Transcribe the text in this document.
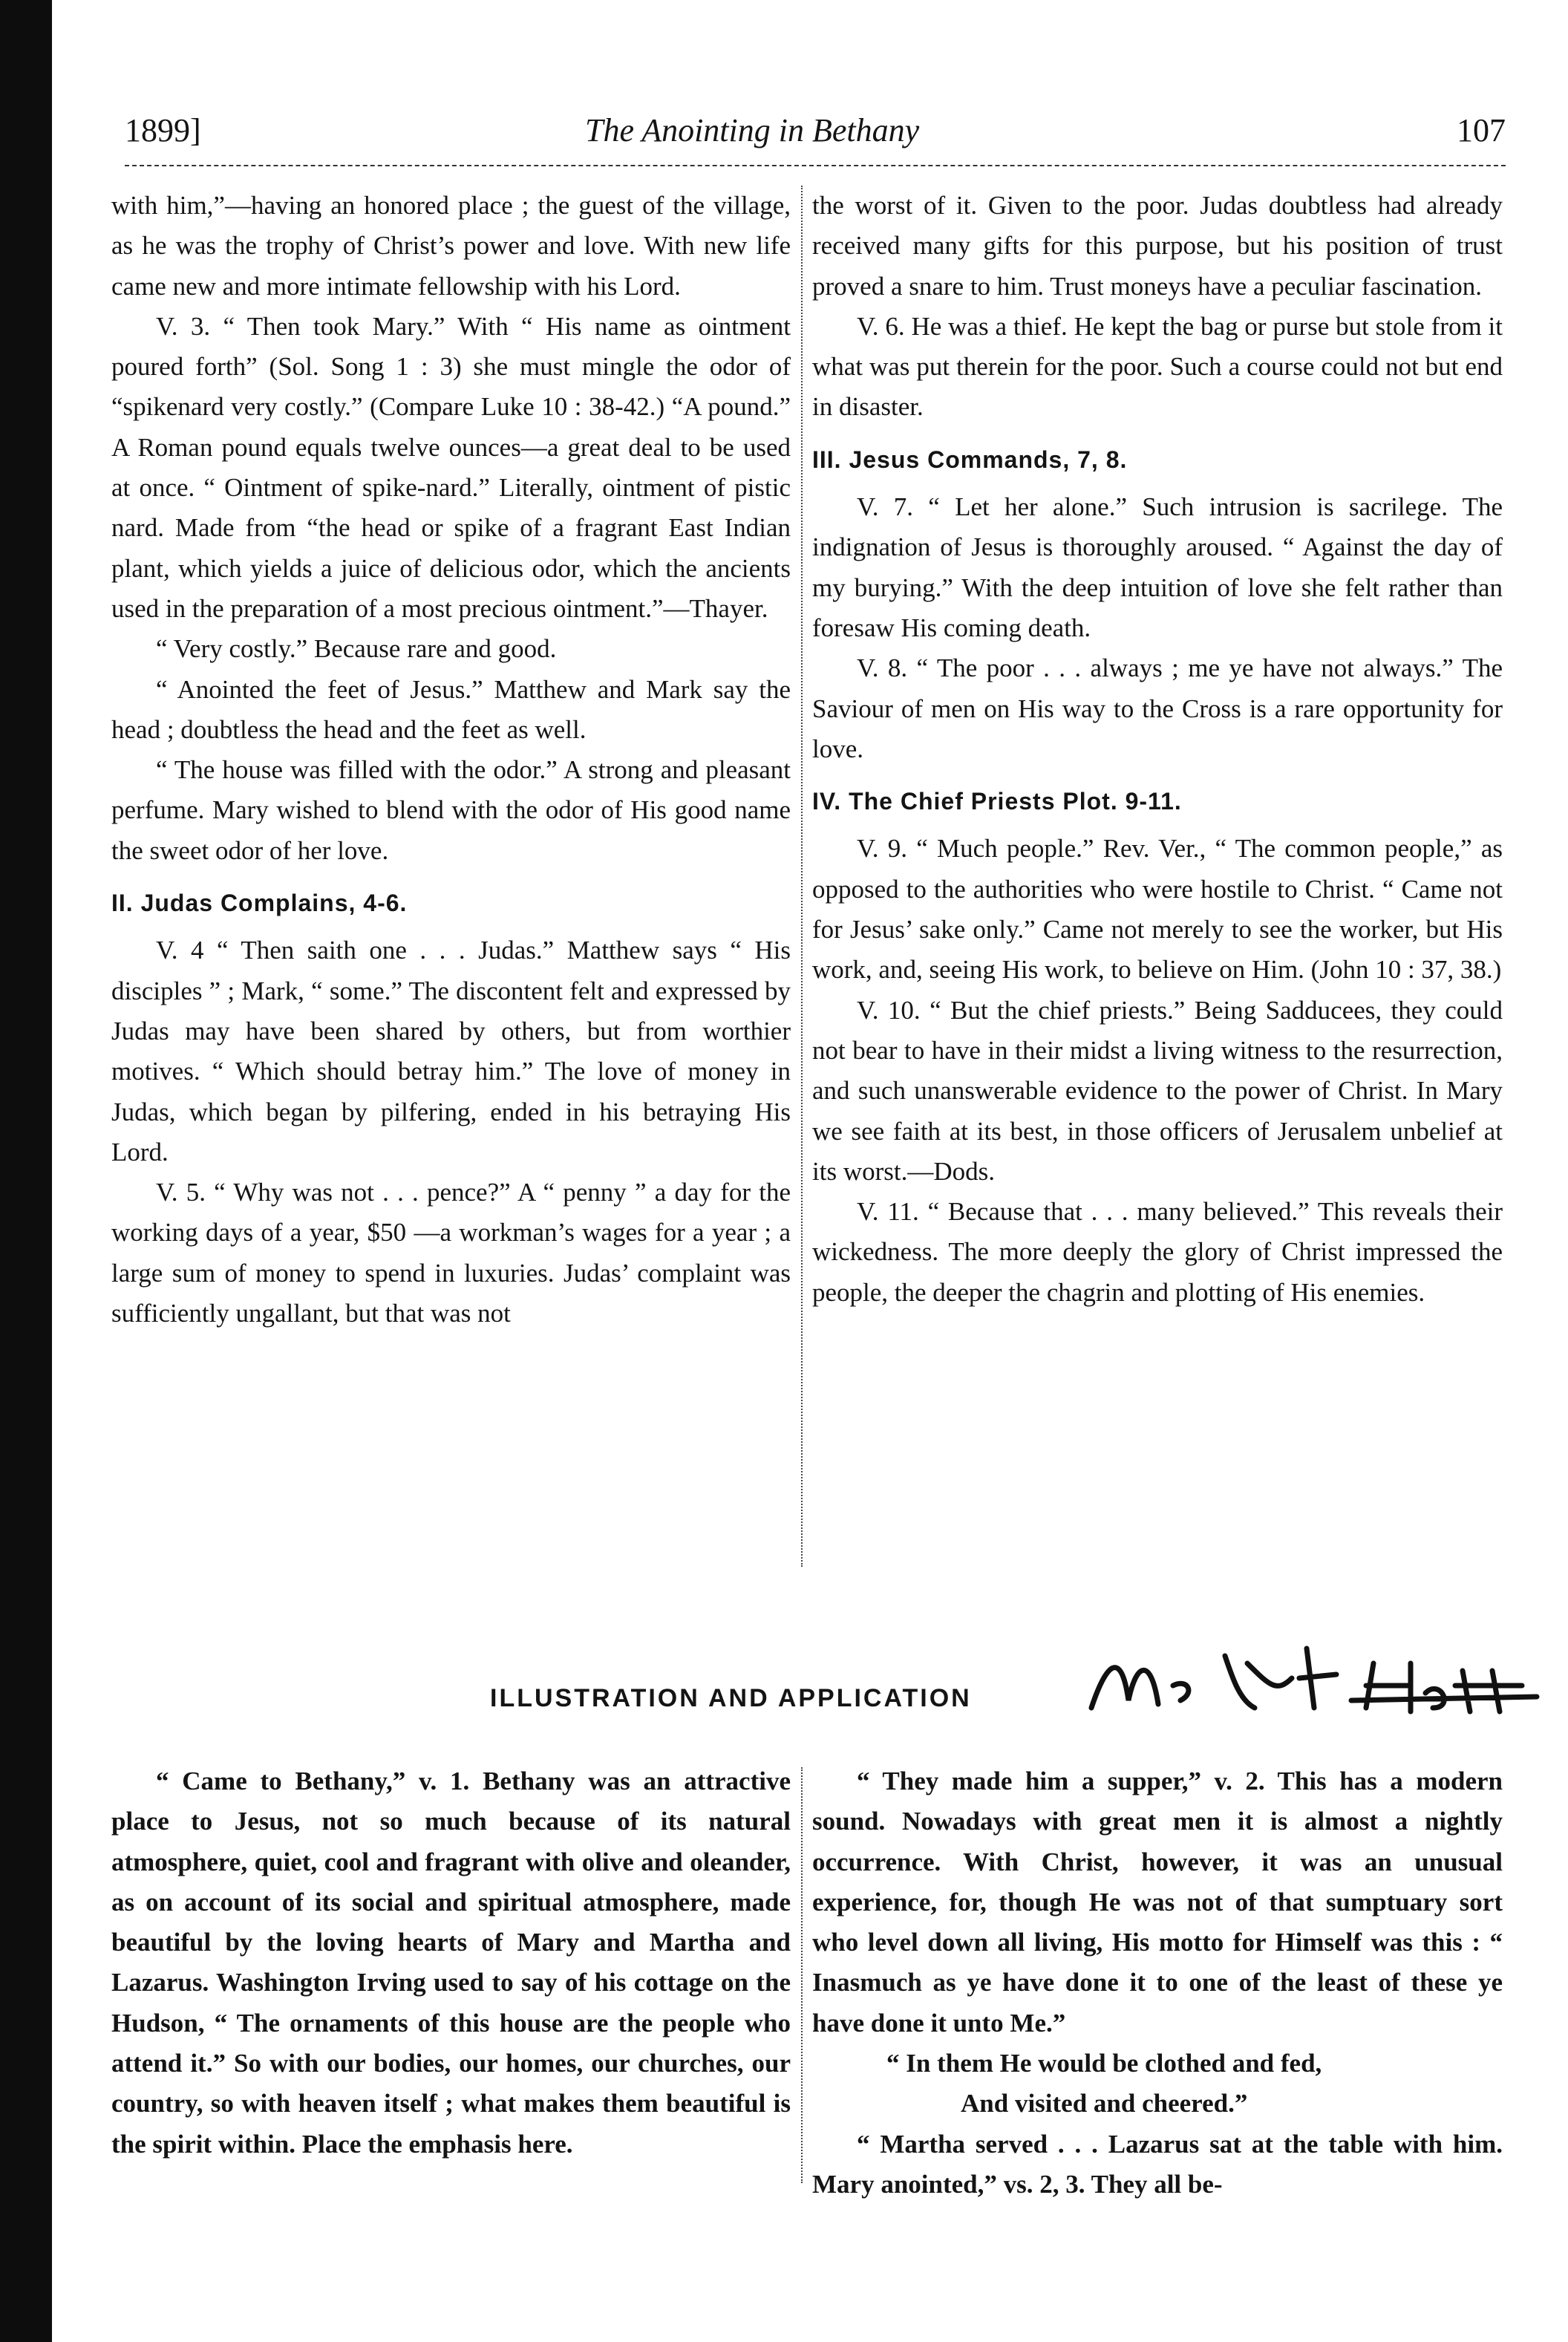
1899]	The Anointing in Bethany	107

with him,”—having an honored place ; the guest of the village, as he was the trophy of Christ’s power and love. With new life came new and more intimate fellowship with his Lord.

V. 3. “ Then took Mary.” With “ His name as ointment poured forth” (Sol. Song 1 : 3) she must mingle the odor of “spikenard very costly.” (Compare Luke 10 : 38-42.) “A pound.” A Roman pound equals twelve ounces—a great deal to be used at once. “ Ointment of spike-nard.” Literally, ointment of pistic nard. Made from “the head or spike of a fragrant East Indian plant, which yields a juice of delicious odor, which the ancients used in the preparation of a most precious ointment.”—Thayer.

“ Very costly.” Because rare and good.

“ Anointed the feet of Jesus.” Matthew and Mark say the head ; doubtless the head and the feet as well.

“ The house was filled with the odor.” A strong and pleasant perfume. Mary wished to blend with the odor of His good name the sweet odor of her love.

II. Judas Complains, 4-6.

V. 4 “ Then saith one . . . Judas.” Matthew says “ His disciples ” ; Mark, “ some.” The discontent felt and expressed by Judas may have been shared by others, but from worthier motives. “ Which should betray him.” The love of money in Judas, which began by pilfering, ended in his betraying His Lord.

V. 5. “ Why was not . . . pence?” A “ penny ” a day for the working days of a year, $50 —a workman’s wages for a year ; a large sum of money to spend in luxuries. Judas’ complaint was sufficiently ungallant, but that was not

the worst of it. Given to the poor. Judas doubtless had already received many gifts for this purpose, but his position of trust proved a snare to him. Trust moneys have a peculiar fascination.

V. 6. He was a thief. He kept the bag or purse but stole from it what was put therein for the poor. Such a course could not but end in disaster.

III. Jesus Commands, 7, 8.

V. 7. “ Let her alone.” Such intrusion is sacrilege. The indignation of Jesus is thoroughly aroused. “ Against the day of my burying.” With the deep intuition of love she felt rather than foresaw His coming death.

V. 8. “ The poor . . . always ; me ye have not always.” The Saviour of men on His way to the Cross is a rare opportunity for love.

IV. The Chief Priests Plot. 9-11.

V. 9. “ Much people.” Rev. Ver., “ The common people,” as opposed to the authorities who were hostile to Christ. “ Came not for Jesus’ sake only.” Came not merely to see the worker, but His work, and, seeing His work, to believe on Him. (John 10 : 37, 38.)

V. 10. “ But the chief priests.” Being Sadducees, they could not bear to have in their midst a living witness to the resurrection, and such unanswerable evidence to the power of Christ. In Mary we see faith at its best, in those officers of Jerusalem unbelief at its worst.—Dods.

V. 11. “ Because that . . . many believed.” This reveals their wickedness. The more deeply the glory of Christ impressed the people, the deeper the chagrin and plotting of His enemies.

ILLUSTRATION AND APPLICATION

“ Came to Bethany,” v. 1. Bethany was an attractive place to Jesus, not so much because of its natural atmosphere, quiet, cool and fragrant with olive and oleander, as on account of its social and spiritual atmosphere, made beautiful by the loving hearts of Mary and Martha and Lazarus. Washington Irving used to say of his cottage on the Hudson, “ The ornaments of this house are the people who attend it.” So with our bodies, our homes, our churches, our country, so with heaven itself ; what makes them beautiful is the spirit within. Place the emphasis here.

“ They made him a supper,” v. 2. This has a modern sound. Nowadays with great men it is almost a nightly occurrence. With Christ, however, it was an unusual experience, for, though He was not of that sumptuary sort who level down all living, His motto for Himself was this : “ Inasmuch as ye have done it to one of the least of these ye have done it unto Me.”

“ In them He would be clothed and fed,

And visited and cheered.”

“ Martha served . . . Lazarus sat at the table with him. Mary anointed,” vs. 2, 3. They all be-
